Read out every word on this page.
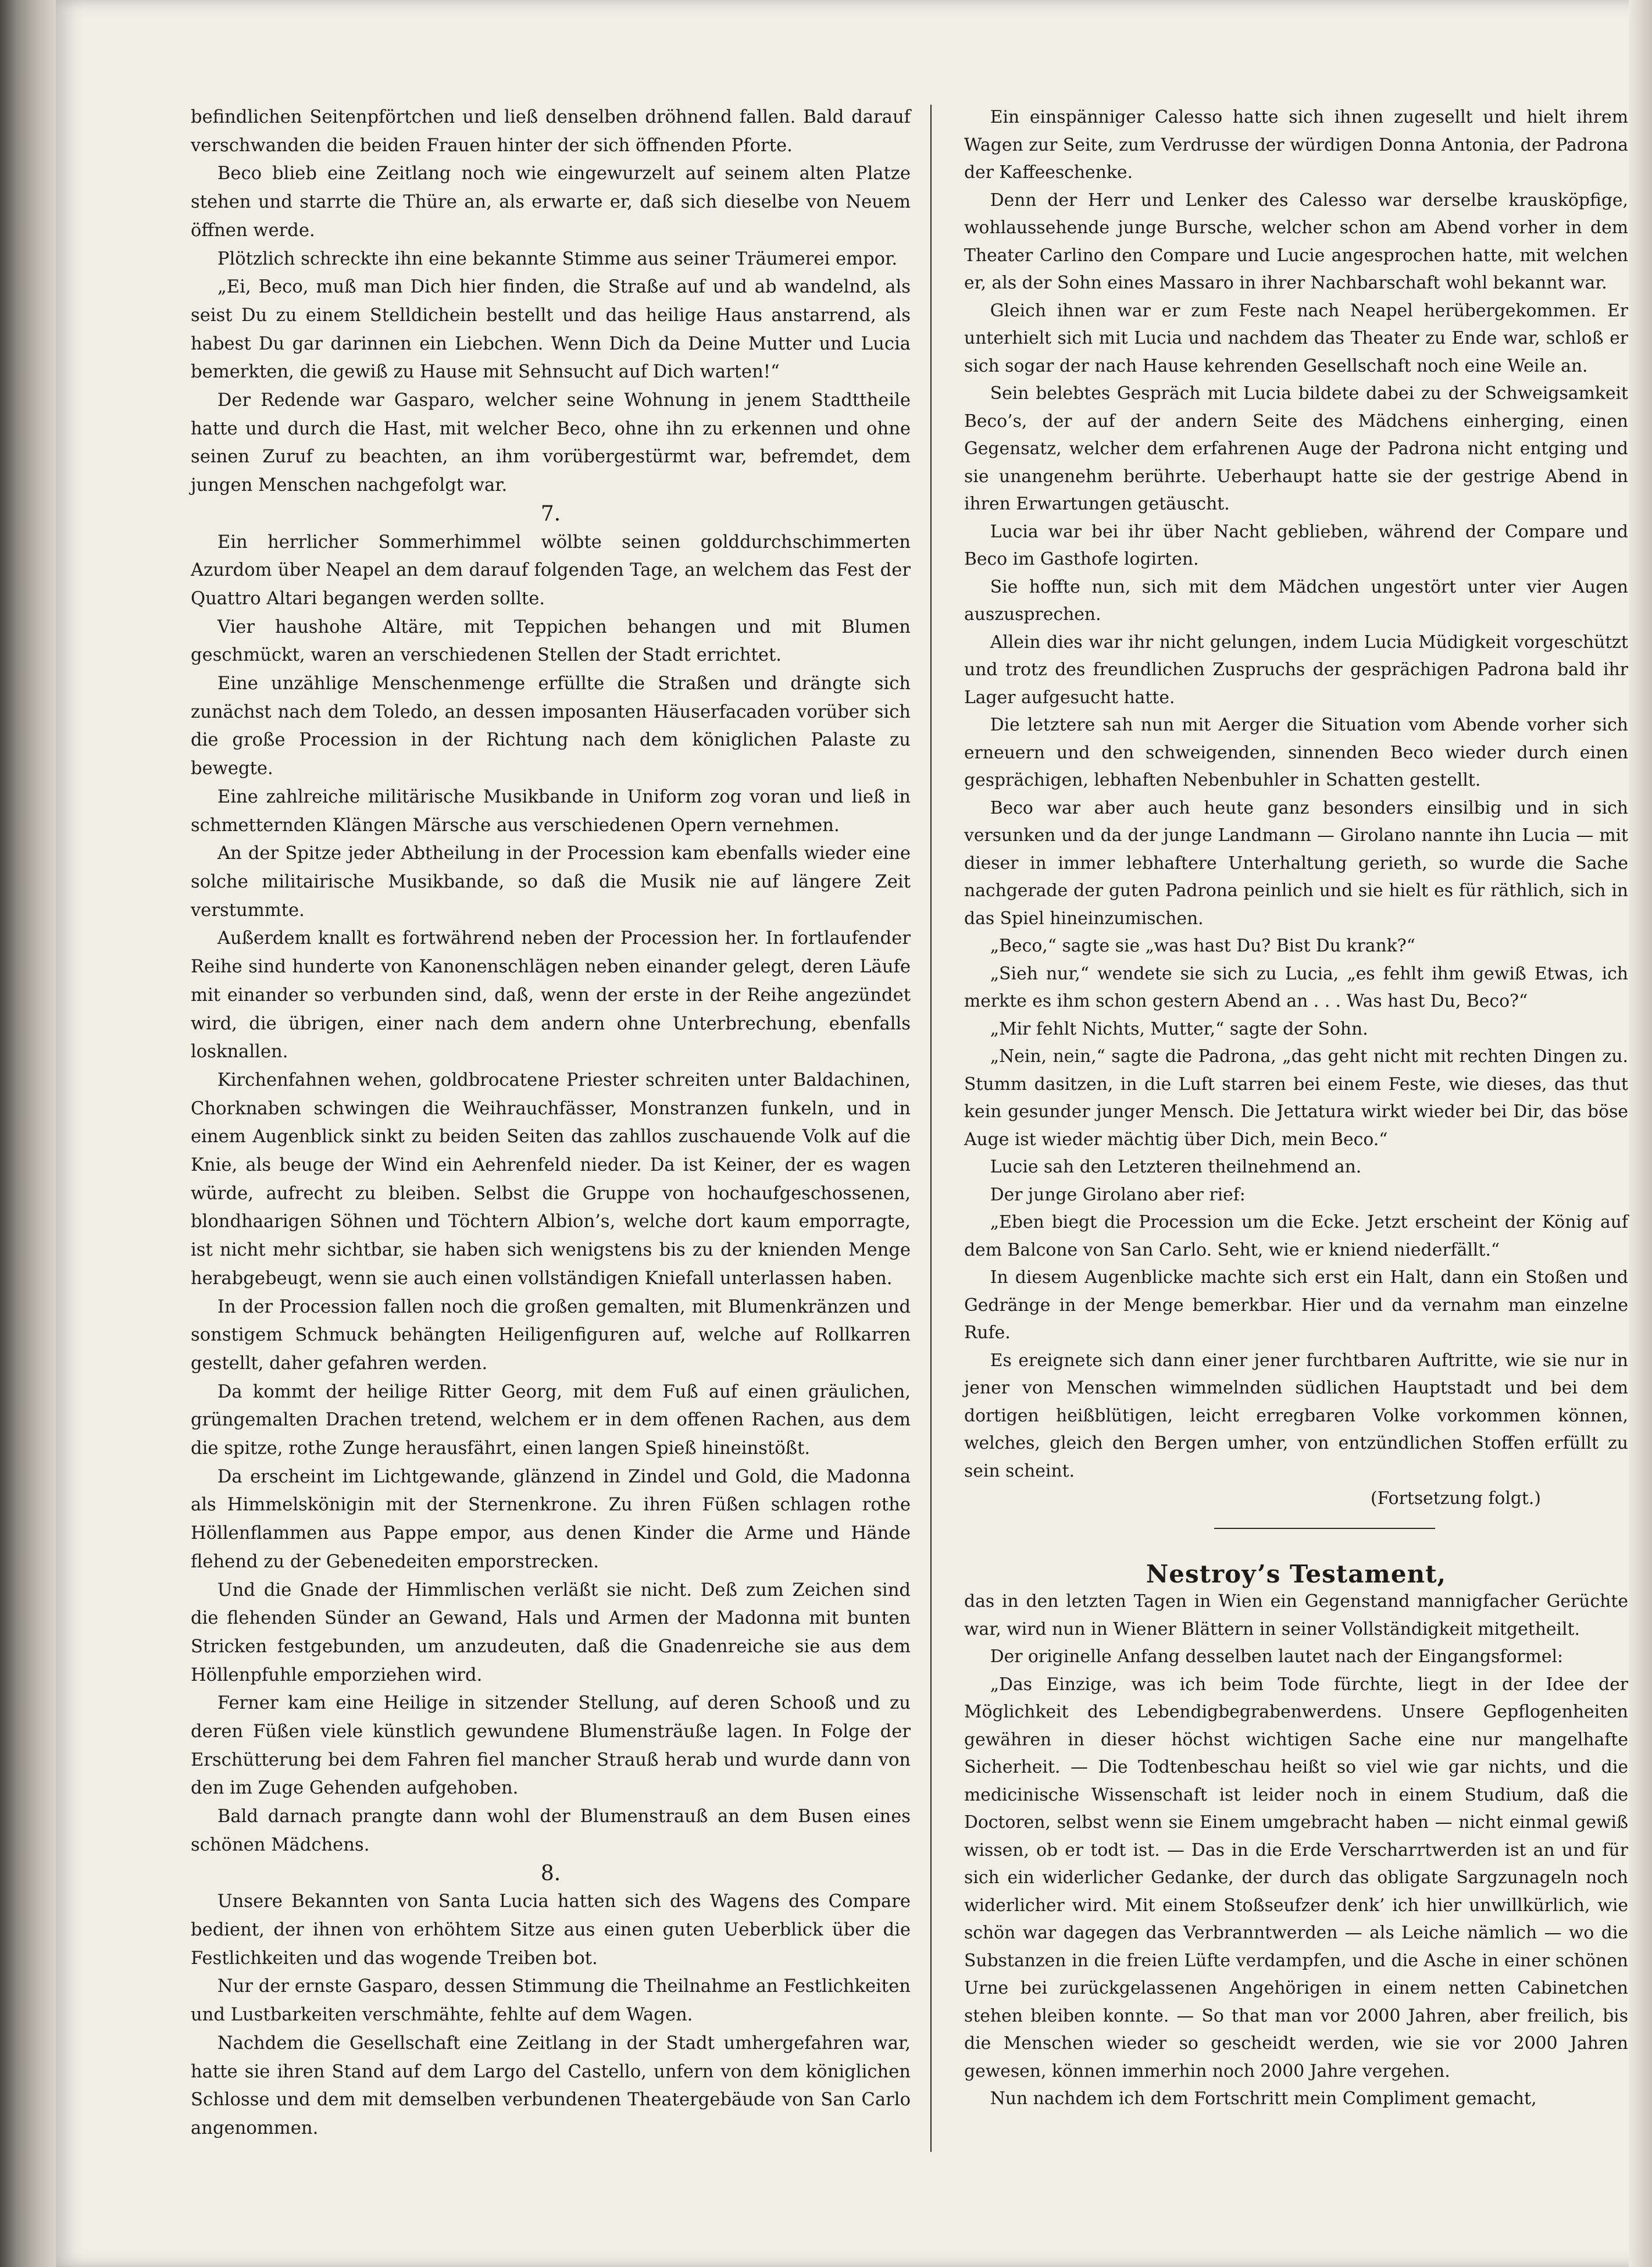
befindlichen Seitenpförtchen und ließ denselben dröhnend fallen. Bald darauf verschwanden die beiden Frauen hinter der sich öffnenden Pforte.

Beco blieb eine Zeitlang noch wie eingewurzelt auf seinem alten Platze stehen und starrte die Thüre an, als erwarte er, daß sich dieselbe von Neuem öffnen werde.

Plötzlich schreckte ihn eine bekannte Stimme aus seiner Träumerei empor.

„Ei, Beco, muß man Dich hier finden, die Straße auf und ab wandelnd, als seist Du zu einem Stelldichein bestellt und das heilige Haus anstarrend, als habest Du gar darinnen ein Liebchen. Wenn Dich da Deine Mutter und Lucia bemerkten, die gewiß zu Hause mit Sehnsucht auf Dich warten!“

Der Redende war Gasparo, welcher seine Wohnung in jenem Stadttheile hatte und durch die Hast, mit welcher Beco, ohne ihn zu erkennen und ohne seinen Zuruf zu beachten, an ihm vorübergestürmt war, befremdet, dem jungen Menschen nachgefolgt war.

7.

Ein herrlicher Sommerhimmel wölbte seinen golddurchschimmerten Azurdom über Neapel an dem darauf folgenden Tage, an welchem das Fest der Quattro Altari begangen werden sollte.

Vier haushohe Altäre, mit Teppichen behangen und mit Blumen geschmückt, waren an verschiedenen Stellen der Stadt errichtet.

Eine unzählige Menschenmenge erfüllte die Straßen und drängte sich zunächst nach dem Toledo, an dessen imposanten Häuserfacaden vorüber sich die große Procession in der Richtung nach dem königlichen Palaste zu bewegte.

Eine zahlreiche militärische Musikbande in Uniform zog voran und ließ in schmetternden Klängen Märsche aus verschiedenen Opern vernehmen.

An der Spitze jeder Abtheilung in der Procession kam ebenfalls wieder eine solche militairische Musikbande, so daß die Musik nie auf längere Zeit verstummte.

Außerdem knallt es fortwährend neben der Procession her. In fortlaufender Reihe sind hunderte von Kanonenschlägen neben einander gelegt, deren Läufe mit einander so verbunden sind, daß, wenn der erste in der Reihe angezündet wird, die übrigen, einer nach dem andern ohne Unterbrechung, ebenfalls losknallen.

Kirchenfahnen wehen, goldbrocatene Priester schreiten unter Baldachinen, Chorknaben schwingen die Weihrauchfässer, Monstranzen funkeln, und in einem Augenblick sinkt zu beiden Seiten das zahllos zuschauende Volk auf die Knie, als beuge der Wind ein Aehrenfeld nieder. Da ist Keiner, der es wagen würde, aufrecht zu bleiben. Selbst die Gruppe von hochaufgeschossenen, blondhaarigen Söhnen und Töchtern Albion’s, welche dort kaum emporragte, ist nicht mehr sichtbar, sie haben sich wenigstens bis zu der knienden Menge herabgebeugt, wenn sie auch einen vollständigen Kniefall unterlassen haben.

In der Procession fallen noch die großen gemalten, mit Blumenkränzen und sonstigem Schmuck behängten Heiligenfiguren auf, welche auf Rollkarren gestellt, daher gefahren werden.

Da kommt der heilige Ritter Georg, mit dem Fuß auf einen gräulichen, grüngemalten Drachen tretend, welchem er in dem offenen Rachen, aus dem die spitze, rothe Zunge herausfährt, einen langen Spieß hineinstößt.

Da erscheint im Lichtgewande, glänzend in Zindel und Gold, die Madonna als Himmelskönigin mit der Sternenkrone. Zu ihren Füßen schlagen rothe Höllenflammen aus Pappe empor, aus denen Kinder die Arme und Hände flehend zu der Gebenedeiten emporstrecken.

Und die Gnade der Himmlischen verläßt sie nicht. Deß zum Zeichen sind die flehenden Sünder an Gewand, Hals und Armen der Madonna mit bunten Stricken festgebunden, um anzudeuten, daß die Gnadenreiche sie aus dem Höllenpfuhle emporziehen wird.

Ferner kam eine Heilige in sitzender Stellung, auf deren Schooß und zu deren Füßen viele künstlich gewundene Blumensträuße lagen. In Folge der Erschütterung bei dem Fahren fiel mancher Strauß herab und wurde dann von den im Zuge Gehenden aufgehoben.

Bald darnach prangte dann wohl der Blumenstrauß an dem Busen eines schönen Mädchens.

8.

Unsere Bekannten von Santa Lucia hatten sich des Wagens des Compare bedient, der ihnen von erhöhtem Sitze aus einen guten Ueberblick über die Festlichkeiten und das wogende Treiben bot.

Nur der ernste Gasparo, dessen Stimmung die Theilnahme an Festlichkeiten und Lustbarkeiten verschmähte, fehlte auf dem Wagen.

Nachdem die Gesellschaft eine Zeitlang in der Stadt umhergefahren war, hatte sie ihren Stand auf dem Largo del Castello, unfern von dem königlichen Schlosse und dem mit demselben verbundenen Theatergebäude von San Carlo angenommen.

Ein einspänniger Calesso hatte sich ihnen zugesellt und hielt ihrem Wagen zur Seite, zum Verdrusse der würdigen Donna Antonia, der Padrona der Kaffeeschenke.

Denn der Herr und Lenker des Calesso war derselbe krausköpfige, wohlaussehende junge Bursche, welcher schon am Abend vorher in dem Theater Carlino den Compare und Lucie angesprochen hatte, mit welchen er, als der Sohn eines Massaro in ihrer Nachbarschaft wohl bekannt war.

Gleich ihnen war er zum Feste nach Neapel herübergekommen. Er unterhielt sich mit Lucia und nachdem das Theater zu Ende war, schloß er sich sogar der nach Hause kehrenden Gesellschaft noch eine Weile an.

Sein belebtes Gespräch mit Lucia bildete dabei zu der Schweigsamkeit Beco’s, der auf der andern Seite des Mädchens einherging, einen Gegensatz, welcher dem erfahrenen Auge der Padrona nicht entging und sie unangenehm berührte. Ueberhaupt hatte sie der gestrige Abend in ihren Erwartungen getäuscht.

Lucia war bei ihr über Nacht geblieben, während der Compare und Beco im Gasthofe logirten.

Sie hoffte nun, sich mit dem Mädchen ungestört unter vier Augen auszusprechen.

Allein dies war ihr nicht gelungen, indem Lucia Müdigkeit vorgeschützt und trotz des freundlichen Zuspruchs der gesprächigen Padrona bald ihr Lager aufgesucht hatte.

Die letztere sah nun mit Aerger die Situation vom Abende vorher sich erneuern und den schweigenden, sinnenden Beco wieder durch einen gesprächigen, lebhaften Nebenbuhler in Schatten gestellt.

Beco war aber auch heute ganz besonders einsilbig und in sich versunken und da der junge Landmann — Girolano nannte ihn Lucia — mit dieser in immer lebhaftere Unterhaltung gerieth, so wurde die Sache nachgerade der guten Padrona peinlich und sie hielt es für räthlich, sich in das Spiel hineinzumischen.

„Beco,“ sagte sie „was hast Du? Bist Du krank?“

„Sieh nur,“ wendete sie sich zu Lucia, „es fehlt ihm gewiß Etwas, ich merkte es ihm schon gestern Abend an . . . Was hast Du, Beco?“

„Mir fehlt Nichts, Mutter,“ sagte der Sohn.

„Nein, nein,“ sagte die Padrona, „das geht nicht mit rechten Dingen zu. Stumm dasitzen, in die Luft starren bei einem Feste, wie dieses, das thut kein gesunder junger Mensch. Die Jettatura wirkt wieder bei Dir, das böse Auge ist wieder mächtig über Dich, mein Beco.“

Lucie sah den Letzteren theilnehmend an.

Der junge Girolano aber rief:

„Eben biegt die Procession um die Ecke. Jetzt erscheint der König auf dem Balcone von San Carlo. Seht, wie er kniend niederfällt.“

In diesem Augenblicke machte sich erst ein Halt, dann ein Stoßen und Gedränge in der Menge bemerkbar. Hier und da vernahm man einzelne Rufe.

Es ereignete sich dann einer jener furchtbaren Auftritte, wie sie nur in jener von Menschen wimmelnden südlichen Hauptstadt und bei dem dortigen heißblütigen, leicht erregbaren Volke vorkommen können, welches, gleich den Bergen umher, von entzündlichen Stoffen erfüllt zu sein scheint.

(Fortsetzung folgt.)

Nestroy’s Testament,

das in den letzten Tagen in Wien ein Gegenstand mannigfacher Gerüchte war, wird nun in Wiener Blättern in seiner Vollständigkeit mitgetheilt.

Der originelle Anfang desselben lautet nach der Eingangsformel:

„Das Einzige, was ich beim Tode fürchte, liegt in der Idee der Möglichkeit des Lebendigbegrabenwerdens. Unsere Gepflogenheiten gewähren in dieser höchst wichtigen Sache eine nur mangelhafte Sicherheit. — Die Todtenbeschau heißt so viel wie gar nichts, und die medicinische Wissenschaft ist leider noch in einem Studium, daß die Doctoren, selbst wenn sie Einem umgebracht haben — nicht einmal gewiß wissen, ob er todt ist. — Das in die Erde Verscharrtwerden ist an und für sich ein widerlicher Gedanke, der durch das obligate Sargzunageln noch widerlicher wird. Mit einem Stoßseufzer denk’ ich hier unwillkürlich, wie schön war dagegen das Verbranntwerden — als Leiche nämlich — wo die Substanzen in die freien Lüfte verdampfen, und die Asche in einer schönen Urne bei zurückgelassenen Angehörigen in einem netten Cabinetchen stehen bleiben konnte. — So that man vor 2000 Jahren, aber freilich, bis die Menschen wieder so gescheidt werden, wie sie vor 2000 Jahren gewesen, können immerhin noch 2000 Jahre vergehen.

Nun nachdem ich dem Fortschritt mein Compliment gemacht,
